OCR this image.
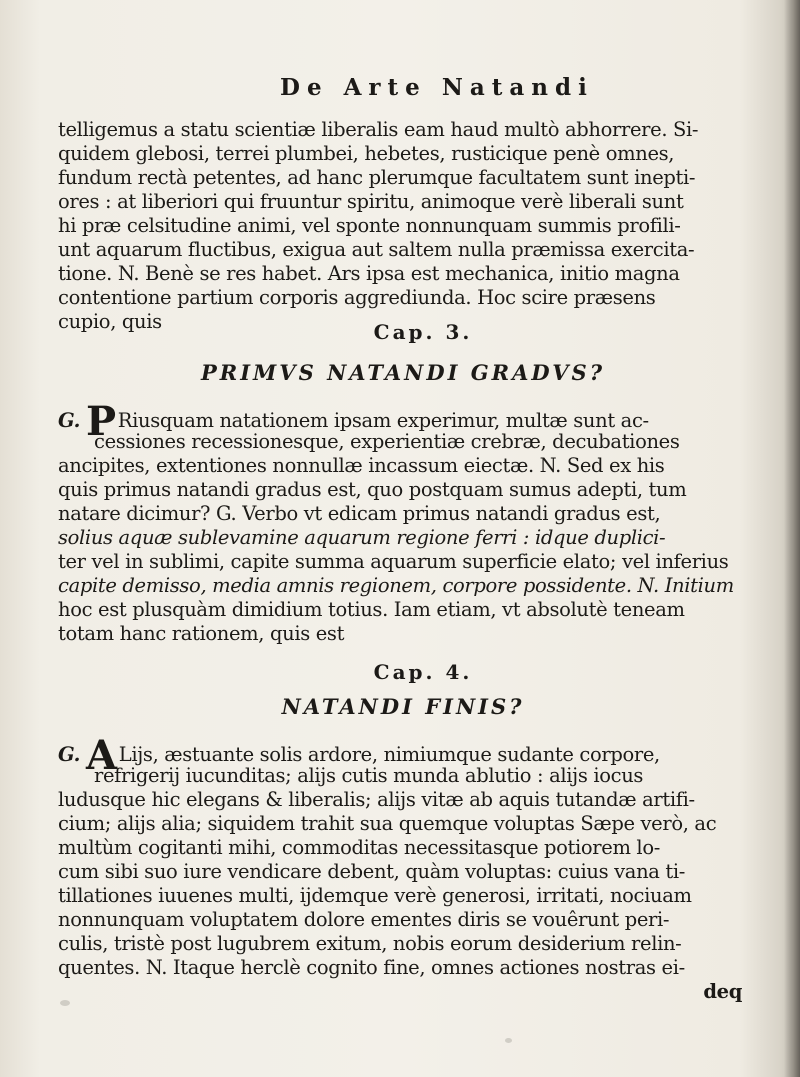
De Arte Natandi
telligemus a statu scientiæ liberalis eam haud multò abhorrere. Si-
quidem glebosi, terrei plumbei, hebetes, rusticique penè omnes,
fundum rectà petentes, ad hanc plerumque facultatem sunt inepti-
ores : at liberiori qui fruuntur spiritu, animoque verè liberali sunt
hi præ celsitudine animi, vel sponte nonnunquam summis profili-
unt aquarum fluctibus, exigua aut saltem nulla præmissa exercita-
tione. N. Benè se res habet. Ars ipsa est mechanica, initio magna
contentione partium corporis aggrediunda. Hoc scire præsens
cupio, quis	Cap. 3.
PRIMVS NATANDI GRADVS?
G. P Riusquam natationem ipsam experimur, multæ sunt ac-
cessiones recessionesque, experientiæ crebræ, decubationes
ancipites, extentiones nonnullæ incassum eiectæ. N. Sed ex his
quis primus natandi gradus est, quo postquam sumus adepti, tum
natare dicimur? G. Verbo vt edicam primus natandi gradus est,
solius aquæ sublevamine aquarum regione ferri : idque duplici-
ter vel in sublimi, capite summa aquarum superficie elato; vel inferius
capite demisso, media amnis regionem, corpore possidente. N. Initium
hoc est plusquàm dimidium totius. Iam etiam, vt absolutè teneam
totam hanc rationem, quis est
Cap. 4.
NATANDI FINIS?
G. A Lijs, æstuante solis ardore, nimiumque sudante corpore,
refrigerij iucunditas; alijs cutis munda ablutio : alijs iocus
ludusque hic elegans & liberalis; alijs vitæ ab aquis tutandæ artifi-
cium; alijs alia; siquidem trahit sua quemque voluptas Sæpe verò, ac
multùm cogitanti mihi, commoditas necessitasque potiorem lo-
cum sibi suo iure vendicare debent, quàm voluptas: cuius vana ti-
tillationes iuuenes multi, ijdemque verè generosi, irritati, nociuam
nonnunquam voluptatem dolore ementes diris se vouêrunt peri-
culis, tristè post lugubrem exitum, nobis eorum desiderium relin-
quentes. N. Itaque herclè cognito fine, omnes actiones nostras ei-
deq
